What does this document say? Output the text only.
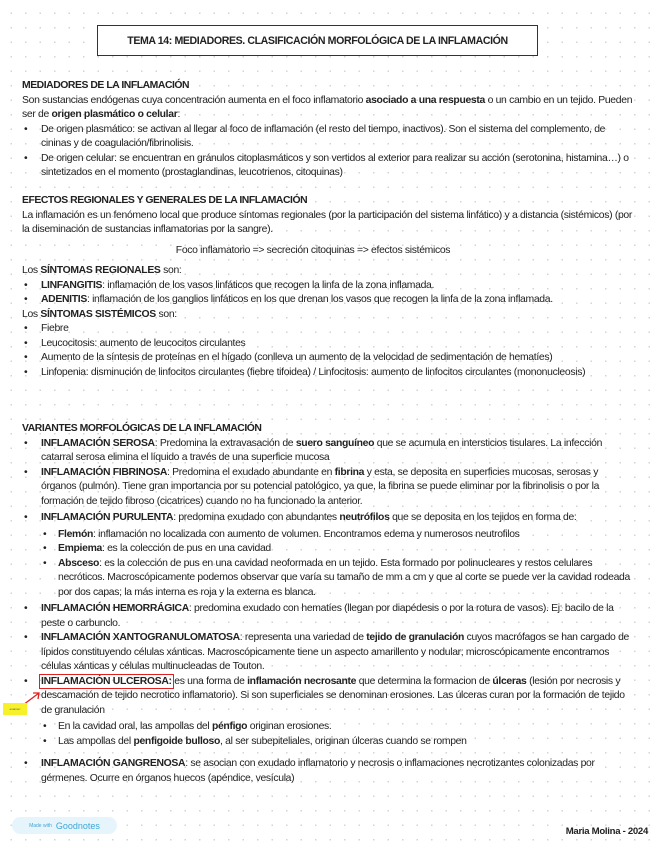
TEMA 14: MEDIADORES. CLASIFICACIÓN MORFOLÓGICA DE LA INFLAMACIÓN
MEDIADORES DE LA INFLAMACIÓN
Son sustancias endógenas cuya concentración aumenta en el foco inflamatorio asociado a una respuesta o un cambio en un tejido. Pueden ser de origen plasmático o celular:
• De origen plasmático: se activan al llegar al foco de inflamación (el resto del tiempo, inactivos). Son el sistema del complemento, de cininas y de coagulación/fibrinolisis.
• De origen celular: se encuentran en gránulos citoplasmáticos y son vertidos al exterior para realizar su acción (serotonina, histamina…) o sintetizados en el momento (prostaglandinas, leucotrienos, citoquinas)
EFECTOS REGIONALES Y GENERALES DE LA INFLAMACIÓN
La inflamación es un fenómeno local que produce síntomas regionales (por la participación del sistema linfático) y a distancia (sistémicos) (por la diseminación de sustancias inflamatorias por la sangre).
Foco inflamatorio => secreción citoquinas => efectos sistémicos
Los SÍNTOMAS REGIONALES son:
• LINFANGITIS: inflamación de los vasos linfáticos que recogen la linfa de la zona inflamada.
• ADENITIS: inflamación de los ganglios linfáticos en los que drenan los vasos que recogen la linfa de la zona inflamada.
Los SÍNTOMAS SISTÉMICOS son:
• Fiebre
• Leucocitosis: aumento de leucocitos circulantes
• Aumento de la síntesis de proteínas en el hígado (conlleva un aumento de la velocidad de sedimentación de hematíes)
• Linfopenia: disminución de linfocitos circulantes (fiebre tifoidea) / Linfocitosis: aumento de linfocitos circulantes (mononucleosis)
VARIANTES MORFOLÓGICAS DE LA INFLAMACIÓN
• INFLAMACIÓN SEROSA: Predomina la extravasación de suero sanguíneo que se acumula en intersticios tisulares. La infección catarral serosa elimina el líquido a través de una superficie mucosa
• INFLAMACIÓN FIBRINOSA: Predomina el exudado abundante en fibrina y esta, se deposita en superficies mucosas, serosas y órganos (pulmón). Tiene gran importancia por su potencial patológico, ya que, la fibrina se puede eliminar por la fibrinolisis o por la formación de tejido fibroso (cicatrices) cuando no ha funcionado la anterior.
• INFLAMACIÓN PURULENTA: predomina exudado con abundantes neutrófilos que se deposita en los tejidos en forma de:
• Flemón: inflamación no localizada con aumento de volumen. Encontramos edema y numerosos neutrofilos
• Empiema: es la colección de pus en una cavidad
• Absceso: es la colección de pus en una cavidad neoformada en un tejido. Esta formado por polinucleares y restos celulares necróticos. Macroscópicamente podemos observar que varía su tamaño de mm a cm y que al corte se puede ver la cavidad rodeada por dos capas; la más interna es roja y la externa es blanca.
• INFLAMACIÓN HEMORRÁGICA: predomina exudado con hematíes (llegan por diapédesis o por la rotura de vasos). Ej: bacilo de la peste o carbunclo.
• INFLAMACIÓN XANTOGRANULOMATOSA: representa una variedad de tejido de granulación cuyos macrófagos se han cargado de lípidos constituyendo células xánticas. Macroscópicamente tiene un aspecto amarillento y nodular; microscópicamente encontramos células xánticas y células multinucleadas de Touton.
• INFLAMACIÓN ULCEROSA: es una forma de inflamación necrosante que determina la formacion de úlceras (lesión por necrosis y descamación de tejido necrotico inflamatorio). Si son superficiales se denominan erosiones. Las úlceras curan por la formación de tejido de granulación
• En la cavidad oral, las ampollas del pénfigo originan erosiones.
• Las ampollas del penfigoide bulloso, al ser subepiteliales, originan úlceras cuando se rompen
• INFLAMACIÓN GANGRENOSA: se asocian con exudado inflamatorio y necrosis o inflamaciones necrotizantes colonizadas por gérmenes. Ocurre en órganos huecos (apéndice, vesícula)
examen
Made with Goodnotes
Maria Molina - 2024
